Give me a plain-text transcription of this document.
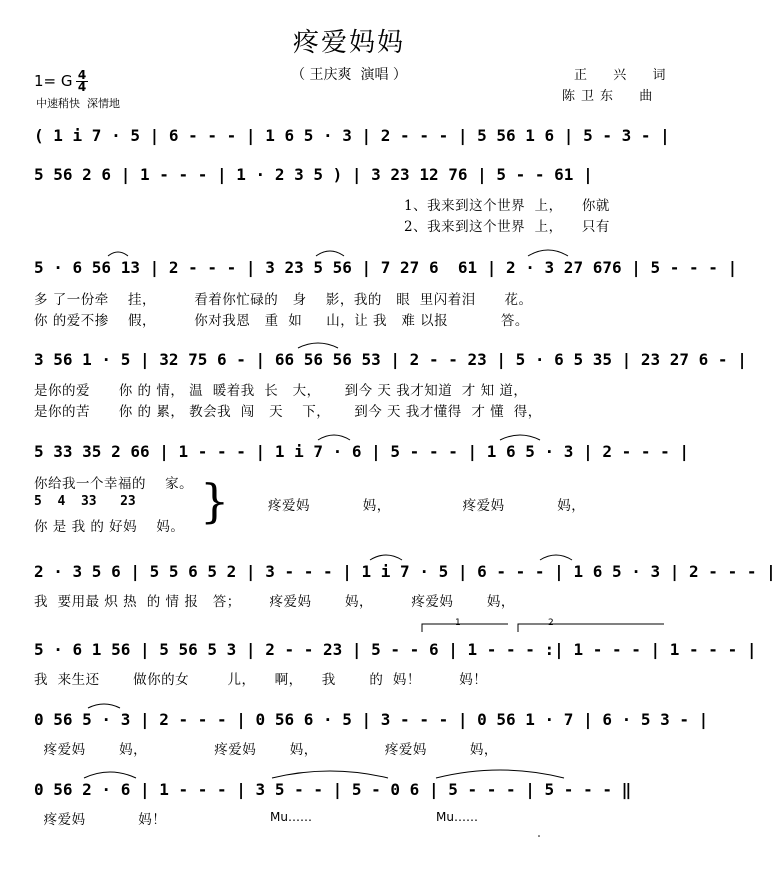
疼爱妈妈
（ 王庆爽  演唱 ）
1= G 4
4
中速稍快  深情地
正  兴  词
陈卫东  曲
( 1 i 7 · 5 | 6 - - - | 1 6 5 · 3 | 2 - - - | 5 56 1 6 | 5 - 3 - |
5 56 2 6 | 1 - - - | 1 · 2 3 5 ) | 3 23 12 76 | 5 - - 61 |
1、我来到这个世界  上，    你就
2、我来到这个世界  上，    只有
5 · 6 56 13 | 2 - - - | 3 23 5 56 | 7 27 6  61 | 2 · 3 27 676 | 5 - - - |
多 了一份牵    挂，        看着你忙碌的   身    影，我的   眼  里闪着泪      花。
你 的爱不掺    假，        你对我恩   重  如     山，让 我   难 以报           答。
3 56 1 · 5 | 32 75 6 - | 66 56 56 53 | 2 - - 23 | 5 · 6 5 35 | 23 27 6 - |
是你的爱      你 的 情， 温  暖着我  长   大，     到今 天 我才知道  才 知 道，
是你的苦      你 的 累， 教会我  闯   天    下，     到今 天 我才懂得  才 懂  得，
5 33 35 2 66 | 1 - - - | 1 i 7 · 6 | 5 - - - | 1 6 5 · 3 | 2 - - - |
你给我一个幸福的    家。
5  4  33   23
你 是 我 的 好妈    妈。 }	疼爱妈           妈，               疼爱妈           妈，
2 · 3 5 6 | 5 5 6 5 2 | 3 - - - | 1 i 7 · 5 | 6 - - - | 1 6 5 · 3 | 2 - - - |
我  要用最 炽 热  的 情 报   答；      疼爱妈       妈，        疼爱妈       妈，
1	2
5 · 6 1 56 | 5 56 5 3 | 2 - - 23 | 5 - - 6 | 1 - - - :| 1 - - - | 1 - - - |
我  来生还       做你的女        儿，    啊，    我       的  妈！        妈！
0 56 5 · 3 | 2 - - - | 0 56 6 · 5 | 3 - - - | 0 56 1 · 7 | 6 · 5 3 - |
疼爱妈       妈，              疼爱妈       妈，              疼爱妈         妈，
0 56 2 · 6 | 1 - - - | 3 5 - - | 5 - 0 6 | 5 - - - | 5 - - - ‖
疼爱妈           妈！	Mu……	Mu……
